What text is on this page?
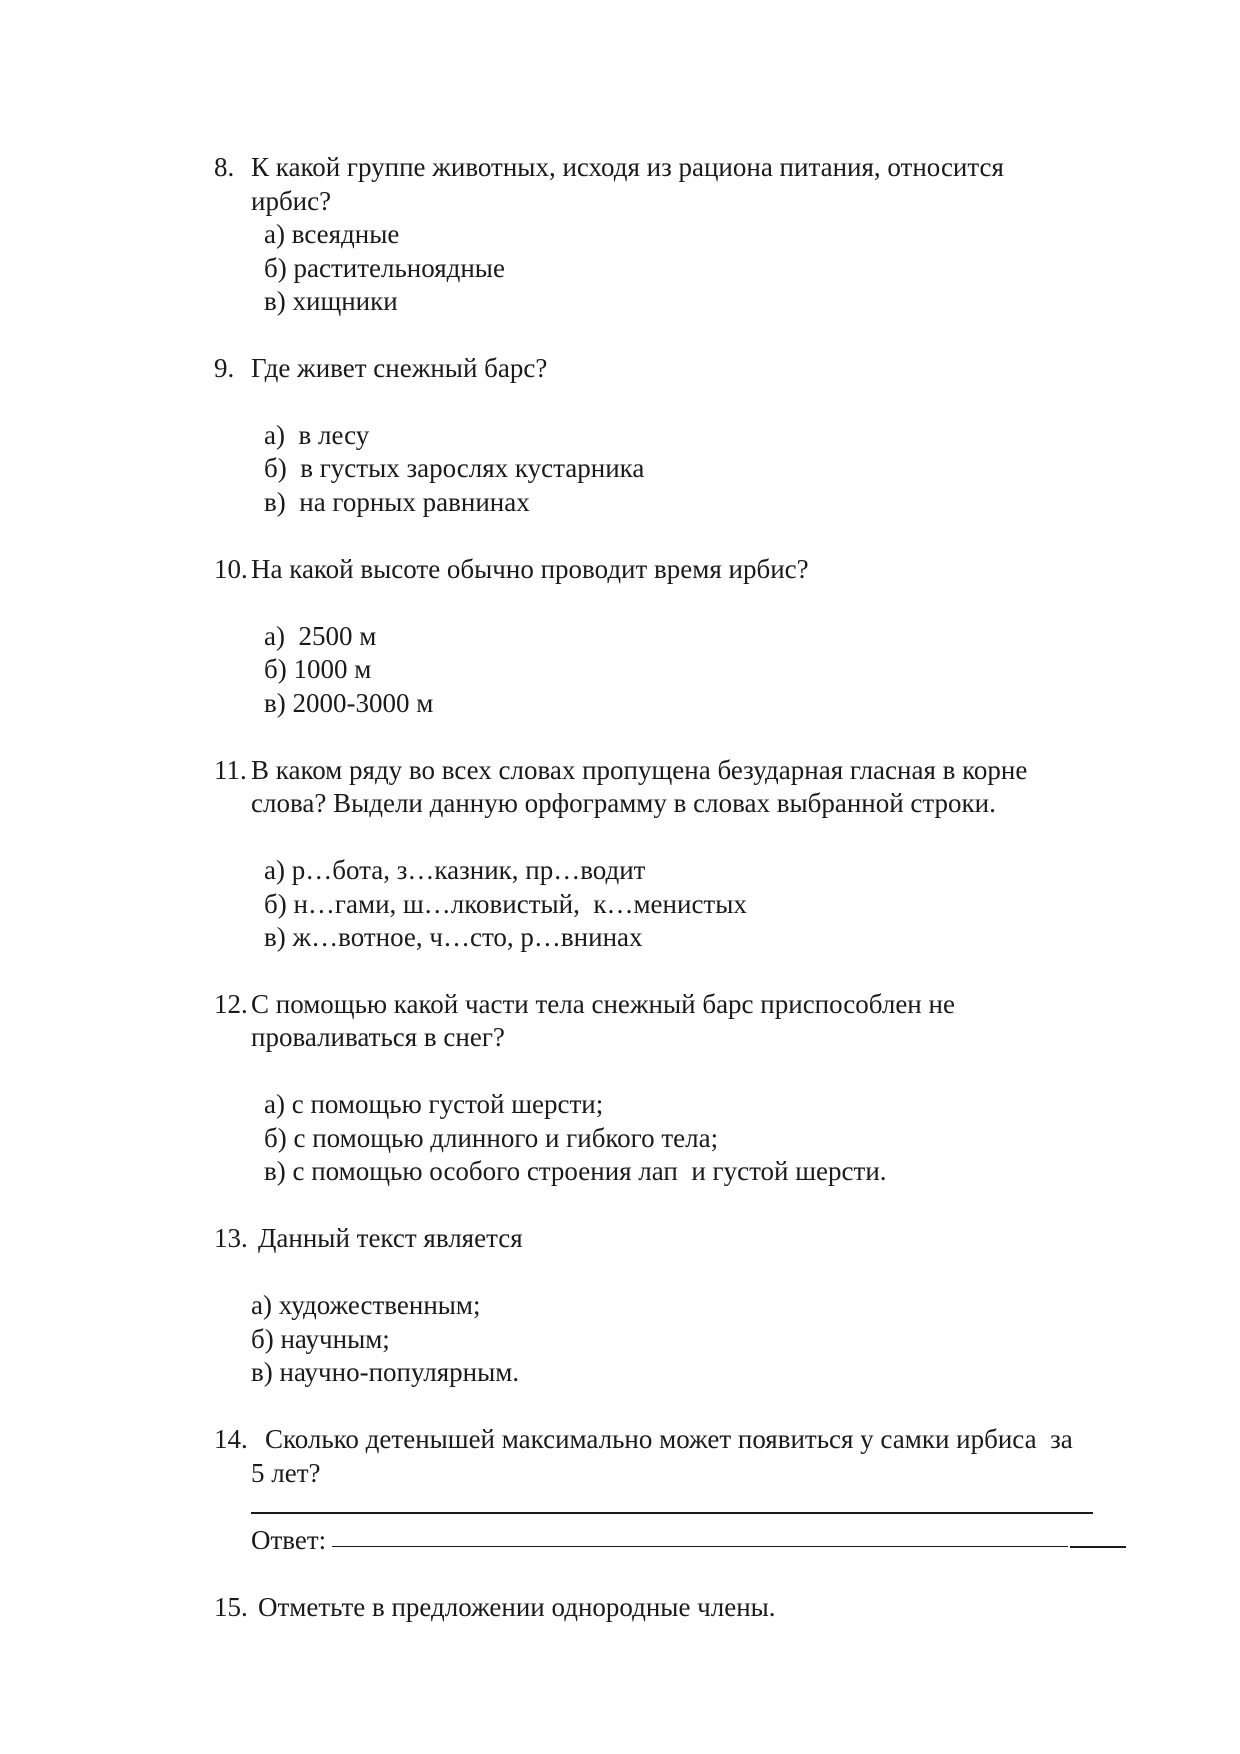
8. К какой группе животных, исходя из рациона питания, относится
ирбис?
а) всеядные
б) растительноядные
в) хищники
9. Где живет снежный барс?
а)  в лесу
б)  в густых зарослях кустарника
в)  на горных равнинах
10. На какой высоте обычно проводит время ирбис?
а)  2500 м
б) 1000 м
в) 2000-3000 м
11. В каком ряду во всех словах пропущена безударная гласная в корне
слова? Выдели данную орфограмму в словах выбранной строки.
а) р…бота, з…казник, пр…водит
б) н…гами, ш…лковистый,  к…менистых
в) ж…вотное, ч…сто, р…внинах
12. С помощью какой части тела снежный барс приспособлен не
проваливаться в снег?
а) с помощью густой шерсти;
б) с помощью длинного и гибкого тела;
в) с помощью особого строения лап  и густой шерсти.
13. Данный текст является
а) художественным;
б) научным;
в) научно-популярным.
14. Сколько детенышей максимально может появиться у самки ирбиса  за
5 лет?
Ответ:
15. Отметьте в предложении однородные члены.
